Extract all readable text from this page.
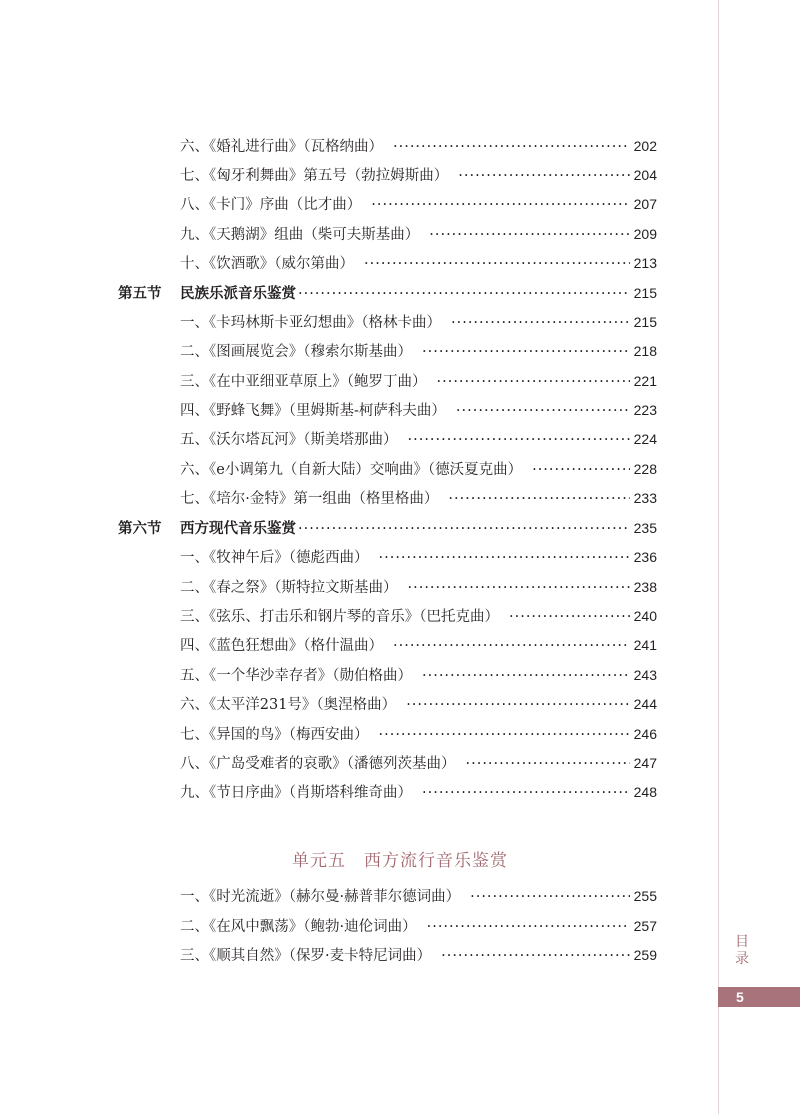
六、《婚礼进行曲》（瓦格纳曲） ·····	202
七、《匈牙利舞曲》第五号（勃拉姆斯曲） ·····	204
八、《卡门》序曲（比才曲） ·····	207
九、《天鹅湖》组曲（柴可夫斯基曲） ·····	209
十、《饮酒歌》（威尔第曲） ·····	213
第五节	民族乐派音乐鉴赏 ·····	215
一、《卡玛林斯卡亚幻想曲》（格林卡曲） ·····	215
二、《图画展览会》（穆索尔斯基曲） ·····	218
三、《在中亚细亚草原上》（鲍罗丁曲） ·····	221
四、《野蜂飞舞》（里姆斯基-柯萨科夫曲） ·····	223
五、《沃尔塔瓦河》（斯美塔那曲） ·····	224
六、《e小调第九（自新大陆）交响曲》（德沃夏克曲） ·····	228
七、《培尔·金特》第一组曲（格里格曲） ·····	233
第六节	西方现代音乐鉴赏 ·····	235
一、《牧神午后》（德彪西曲） ·····	236
二、《春之祭》（斯特拉文斯基曲） ·····	238
三、《弦乐、打击乐和钢片琴的音乐》（巴托克曲） ·····	240
四、《蓝色狂想曲》（格什温曲） ·····	241
五、《一个华沙幸存者》（勋伯格曲） ·····	243
六、《太平洋231号》（奥涅格曲） ·····	244
七、《异国的鸟》（梅西安曲） ·····	246
八、《广岛受难者的哀歌》（潘德列茨基曲） ·····	247
九、《节日序曲》（肖斯塔科维奇曲） ·····	248
单元五　西方流行音乐鉴赏
一、《时光流逝》（赫尔曼·赫普菲尔德词曲） ·····	255
二、《在风中飘荡》（鲍勃·迪伦词曲） ·····	257
三、《顺其自然》（保罗·麦卡特尼词曲） ·····	259
目
录
5
